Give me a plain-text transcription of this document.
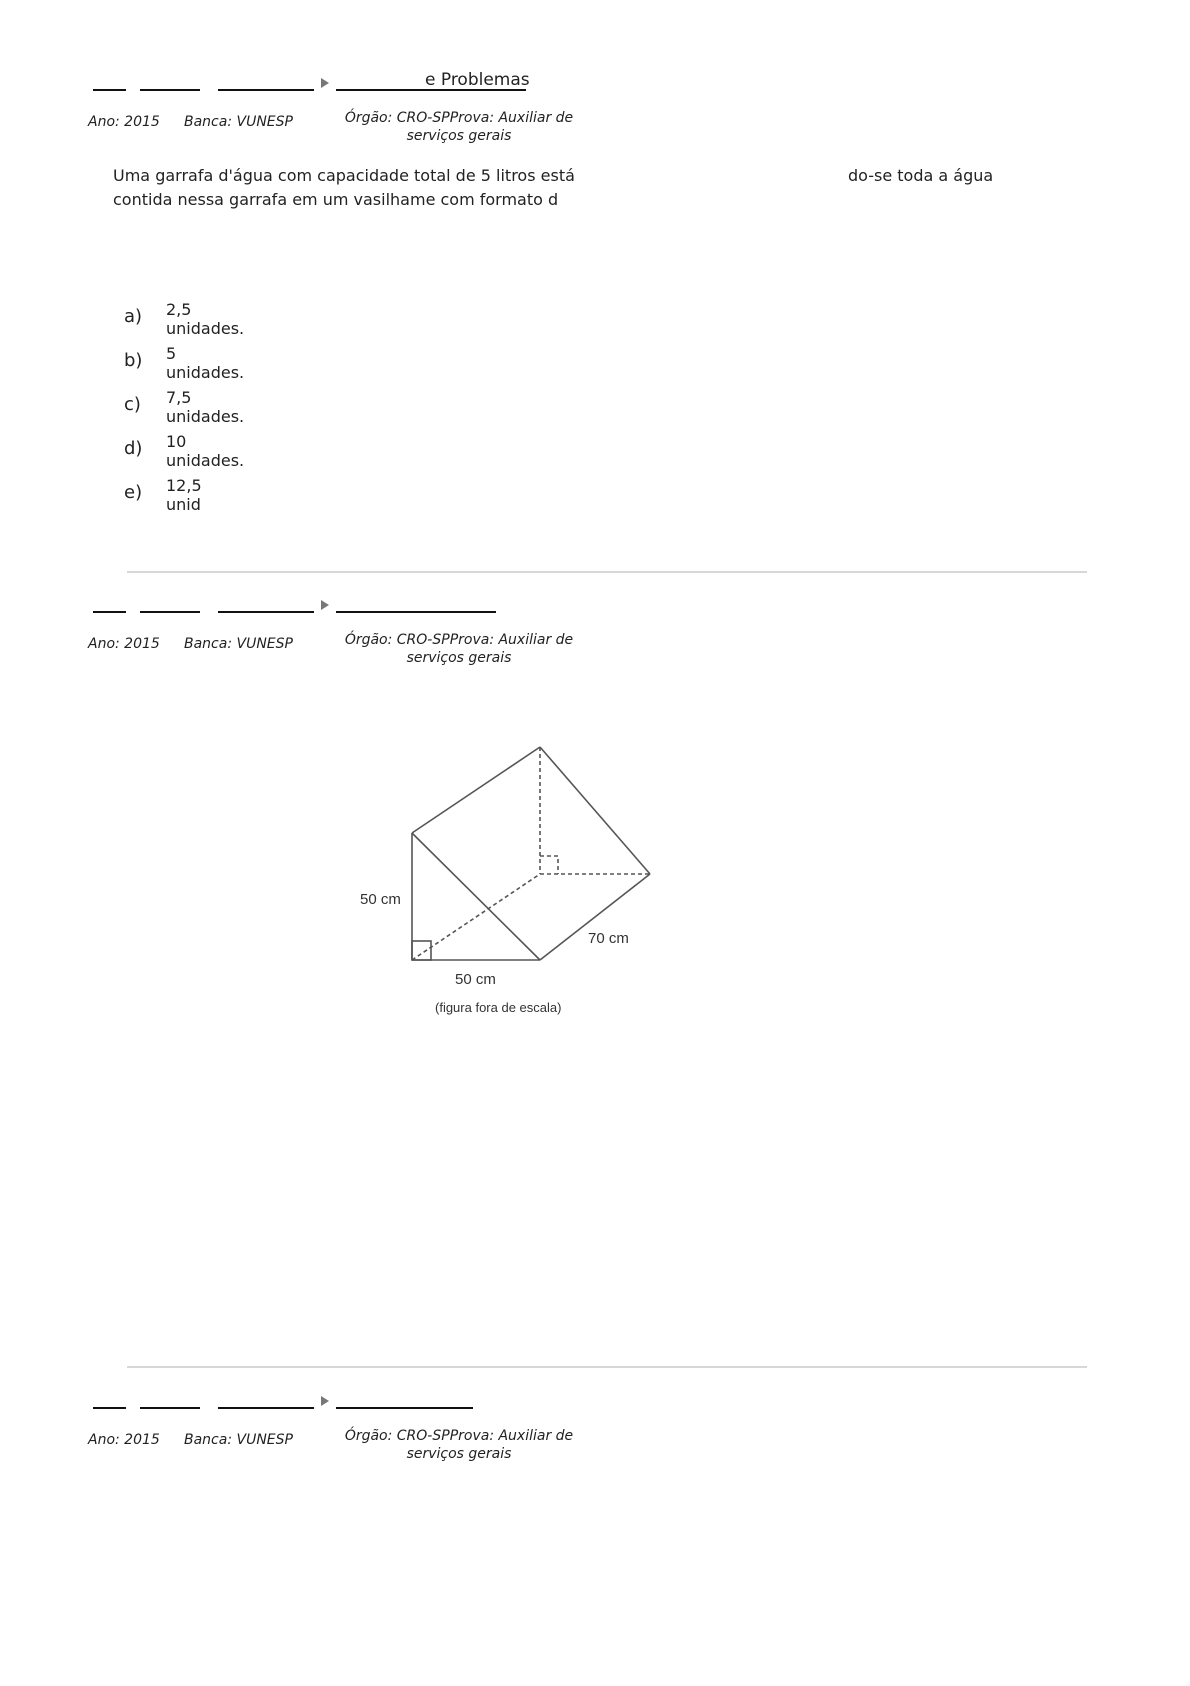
e Problemas
Ano: 2015 Banca: VUNESP	Órgão: CRO-SPProva: Auxiliar de serviços gerais
Uma garrafa d'água com capacidade total de 5 litros está	do-se toda a água
contida nessa garrafa em um vasilhame com formato d
a) 2,5 unidades.
b) 5 unidades.
c) 7,5 unidades.
d) 10 unidades.
e) 12,5 unid
Ano: 2015 Banca: VUNESP	Órgão: CRO-SPProva: Auxiliar de serviços gerais
50 cm
50 cm
70 cm
(figura fora de escala)
Ano: 2015 Banca: VUNESP	Órgão: CRO-SPProva: Auxiliar de serviços gerais
